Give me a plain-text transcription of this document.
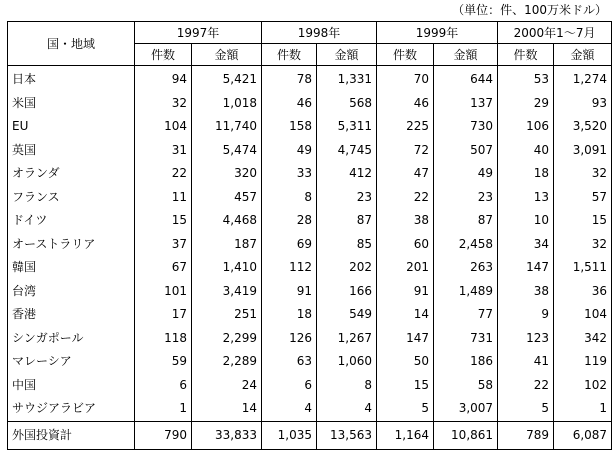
（単位：件、100万米ドル）
国・地域	1997年		1998年		1999年		2000年1～7月	
	件数	金額	件数	金額	件数	金額	件数	金額
日本	94	5,421	78	1,331	70	644	53	1,274
米国	32	1,018	46	568	46	137	29	93
EU	104	11,740	158	5,311	225	730	106	3,520
英国	31	5,474	49	4,745	72	507	40	3,091
オランダ	22	320	33	412	47	49	18	32
フランス	11	457	8	23	22	23	13	57
ドイツ	15	4,468	28	87	38	87	10	15
オーストラリア	37	187	69	85	60	2,458	34	32
韓国	67	1,410	112	202	201	263	147	1,511
台湾	101	3,419	91	166	91	1,489	38	36
香港	17	251	18	549	14	77	9	104
シンガポール	118	2,299	126	1,267	147	731	123	342
マレーシア	59	2,289	63	1,060	50	186	41	119
中国	6	24	6	8	15	58	22	102
サウジアラビア	1	14	4	4	5	3,007	5	1
外国投資計	790	33,833	1,035	13,563	1,164	10,861	789	6,087
